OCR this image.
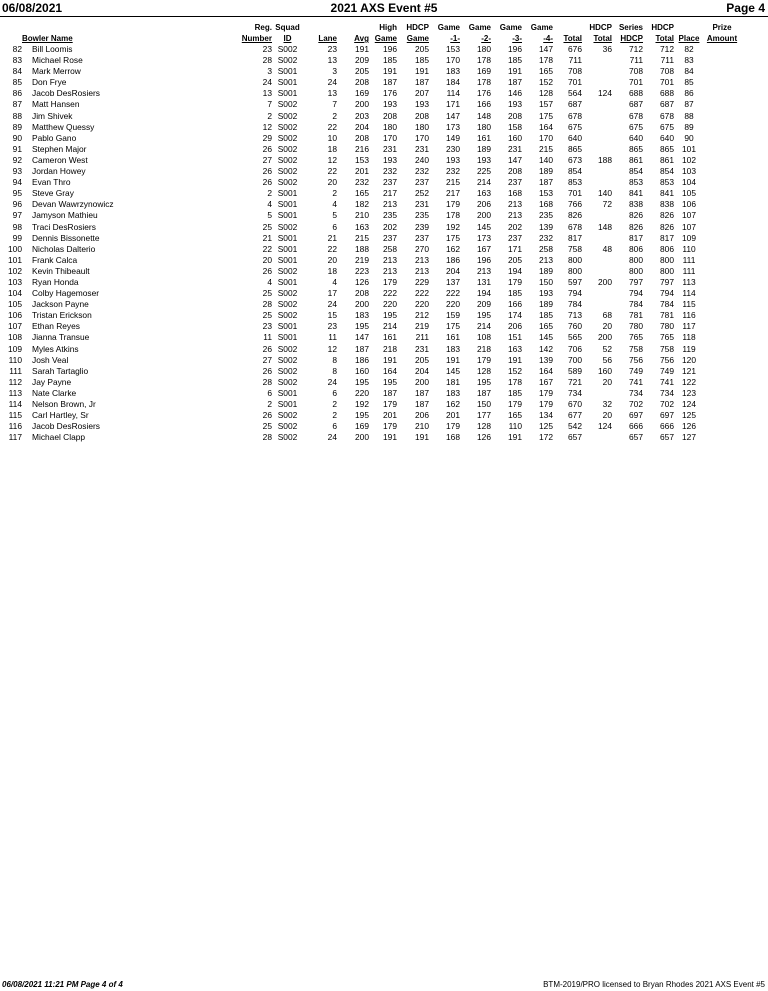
06/08/2021	2021 AXS Event #5	Page 4
		Reg.	Squad			High	HDCP	Game	Game	Game	Game		HDCP	Series	HDCP		Prize
	Bowler Name	Number	ID	Lane	Avg	Game	Game	-1-	-2-	-3-	-4-	Total	Total	HDCP	Total	Place	Amount
82	Bill Loomis	23	S002	23	191	196	205	153	180	196	147	676	36	712	712	82	
83	Michael Rose	28	S002	13	209	185	185	170	178	185	178	711		711	711	83	
84	Mark Merrow	3	S001	3	205	191	191	183	169	191	165	708		708	708	84	
85	Don Frye	24	S001	24	208	187	187	184	178	187	152	701		701	701	85	
86	Jacob DesRosiers	13	S001	13	169	176	207	114	176	146	128	564	124	688	688	86	
87	Matt Hansen	7	S002	7	200	193	193	171	166	193	157	687		687	687	87	
88	Jim Shivek	2	S002	2	203	208	208	147	148	208	175	678		678	678	88	
89	Matthew Quessy	12	S002	22	204	180	180	173	180	158	164	675		675	675	89	
90	Pablo Gano	29	S002	10	208	170	170	149	161	160	170	640		640	640	90	
91	Stephen Major	26	S002	18	216	231	231	230	189	231	215	865		865	865	101	
92	Cameron West	27	S002	12	153	193	240	193	193	147	140	673	188	861	861	102	
93	Jordan Howey	26	S002	22	201	232	232	232	225	208	189	854		854	854	103	
94	Evan Thro	26	S002	20	232	237	237	215	214	237	187	853		853	853	104	
95	Steve Gray	2	S001	2	165	217	252	217	163	168	153	701	140	841	841	105	
96	Devan Wawrzynowicz	4	S001	4	182	213	231	179	206	213	168	766	72	838	838	106	
97	Jamyson Mathieu	5	S001	5	210	235	235	178	200	213	235	826		826	826	107	
98	Traci DesRosiers	25	S002	6	163	202	239	192	145	202	139	678	148	826	826	107	
99	Dennis Bissonette	21	S001	21	215	237	237	175	173	237	232	817		817	817	109	
100	Nicholas Dalterio	22	S001	22	188	258	270	162	167	171	258	758	48	806	806	110	
101	Frank Calca	20	S001	20	219	213	213	186	196	205	213	800		800	800	111	
102	Kevin Thibeault	26	S002	18	223	213	213	204	213	194	189	800		800	800	111	
103	Ryan Honda	4	S001	4	126	179	229	137	131	179	150	597	200	797	797	113	
104	Colby Hagemoser	25	S002	17	208	222	222	222	194	185	193	794		794	794	114	
105	Jackson Payne	28	S002	24	200	220	220	220	209	166	189	784		784	784	115	
106	Tristan Erickson	25	S002	15	183	195	212	159	195	174	185	713	68	781	781	116	
107	Ethan Reyes	23	S001	23	195	214	219	175	214	206	165	760	20	780	780	117	
108	Jianna Transue	11	S001	11	147	161	211	161	108	151	145	565	200	765	765	118	
109	Myles Atkins	26	S002	12	187	218	231	183	218	163	142	706	52	758	758	119	
110	Josh Veal	27	S002	8	186	191	205	191	179	191	139	700	56	756	756	120	
111	Sarah Tartaglio	26	S002	8	160	164	204	145	128	152	164	589	160	749	749	121	
112	Jay Payne	28	S002	24	195	195	200	181	195	178	167	721	20	741	741	122	
113	Nate Clarke	6	S001	6	220	187	187	183	187	185	179	734		734	734	123	
114	Nelson Brown, Jr	2	S001	2	192	179	187	162	150	179	179	670	32	702	702	124	
115	Carl Hartley, Sr	26	S002	2	195	201	206	201	177	165	134	677	20	697	697	125	
116	Jacob DesRosiers	25	S002	6	169	179	210	179	128	110	125	542	124	666	666	126	
117	Michael Clapp	28	S002	24	200	191	191	168	126	191	172	657		657	657	127	
06/08/2021 11:21 PM Page 4 of 4	BTM-2019/PRO licensed to Bryan Rhodes 2021 AXS Event #5
